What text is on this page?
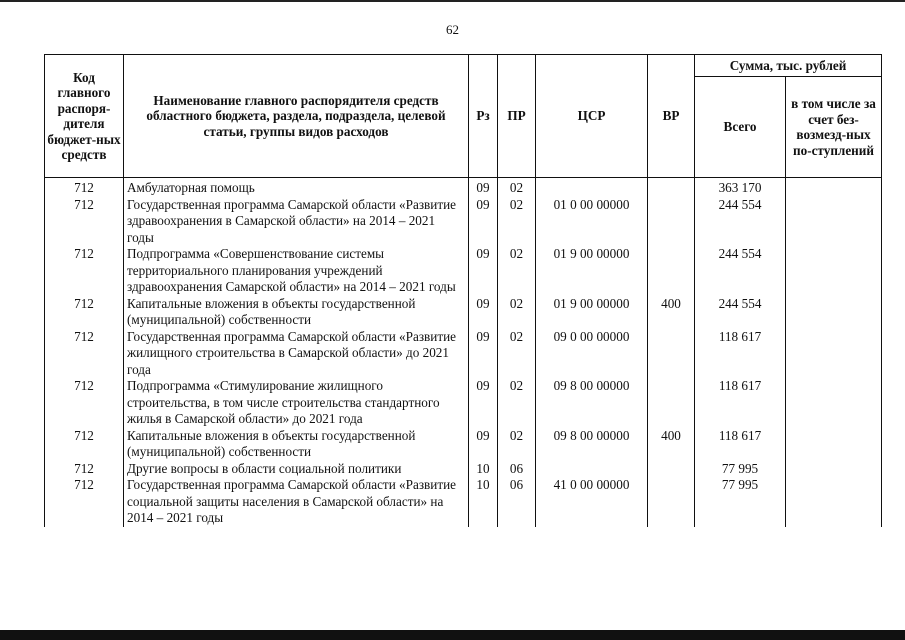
62
Код главного распоря-дителя бюджет-ных средств	Наименование главного распорядителя средств областного бюджета, раздела, подраздела, целевой статьи, группы видов расходов	Рз	ПР	ЦСР	ВР	Сумма, тыс. рублей	
						Всего	в том числе за счет без-возмезд-ных по-ступлений
712	Амбулаторная помощь	09	02			363 170	
712	Государственная программа Самарской области «Развитие здравоохранения в Самарской области» на 2014 – 2021 годы	09	02	01 0 00 00000		244 554	
712	Подпрограмма «Совершенствование системы территориального планирования учреждений здравоохранения Самарской области» на 2014 – 2021 годы	09	02	01 9 00 00000		244 554	
712	Капитальные вложения в объекты государственной (муниципальной) собственности	09	02	01 9 00 00000	400	244 554	
712	Государственная программа Самарской области «Развитие жилищного строительства в Самарской области» до 2021 года	09	02	09 0 00 00000		118 617	
712	Подпрограмма «Стимулирование жилищного строительства, в том числе строительства стандартного жилья в Самарской области» до 2021 года	09	02	09 8 00 00000		118 617	
712	Капитальные вложения в объекты государственной (муниципальной) собственности	09	02	09 8 00 00000	400	118 617	
712	Другие вопросы в области социальной политики	10	06			77 995	
712	Государственная программа Самарской области «Развитие социальной защиты населения в Самарской области» на 2014 – 2021 годы	10	06	41 0 00 00000		77 995	
